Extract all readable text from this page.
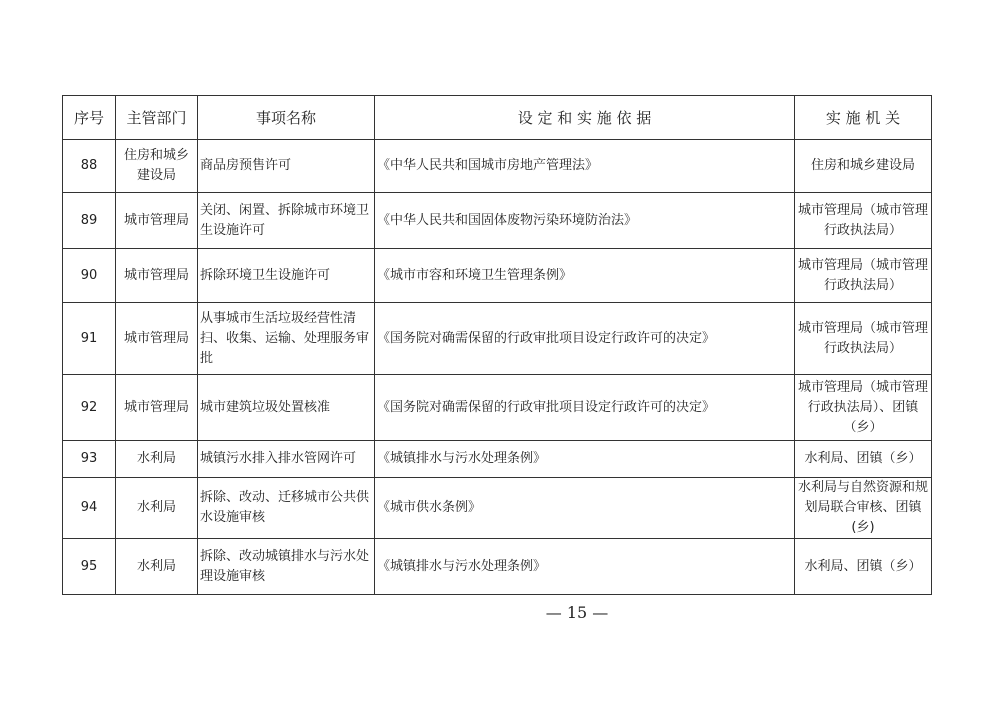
序号	主管部门	事项名称	设 定 和 实 施 依 据	实 施 机 关
88	住房和城乡建设局	商品房预售许可	《中华人民共和国城市房地产管理法》	住房和城乡建设局
89	城市管理局	关闭、闲置、拆除城市环境卫生设施许可	《中华人民共和国固体废物污染环境防治法》	城市管理局（城市管理行政执法局）
90	城市管理局	拆除环境卫生设施许可	《城市市容和环境卫生管理条例》	城市管理局（城市管理行政执法局）
91	城市管理局	从事城市生活垃圾经营性清扫、收集、运输、处理服务审批	《国务院对确需保留的行政审批项目设定行政许可的决定》	城市管理局（城市管理行政执法局）
92	城市管理局	城市建筑垃圾处置核准	《国务院对确需保留的行政审批项目设定行政许可的决定》	城市管理局（城市管理行政执法局）、团镇（乡）
93	水利局	城镇污水排入排水管网许可	《城镇排水与污水处理条例》	水利局、团镇（乡）
94	水利局	拆除、改动、迁移城市公共供水设施审核	《城市供水条例》	水利局与自然资源和规划局联合审核、团镇(乡)
95	水利局	拆除、改动城镇排水与污水处理设施审核	《城镇排水与污水处理条例》	水利局、团镇（乡）
— 15 —
